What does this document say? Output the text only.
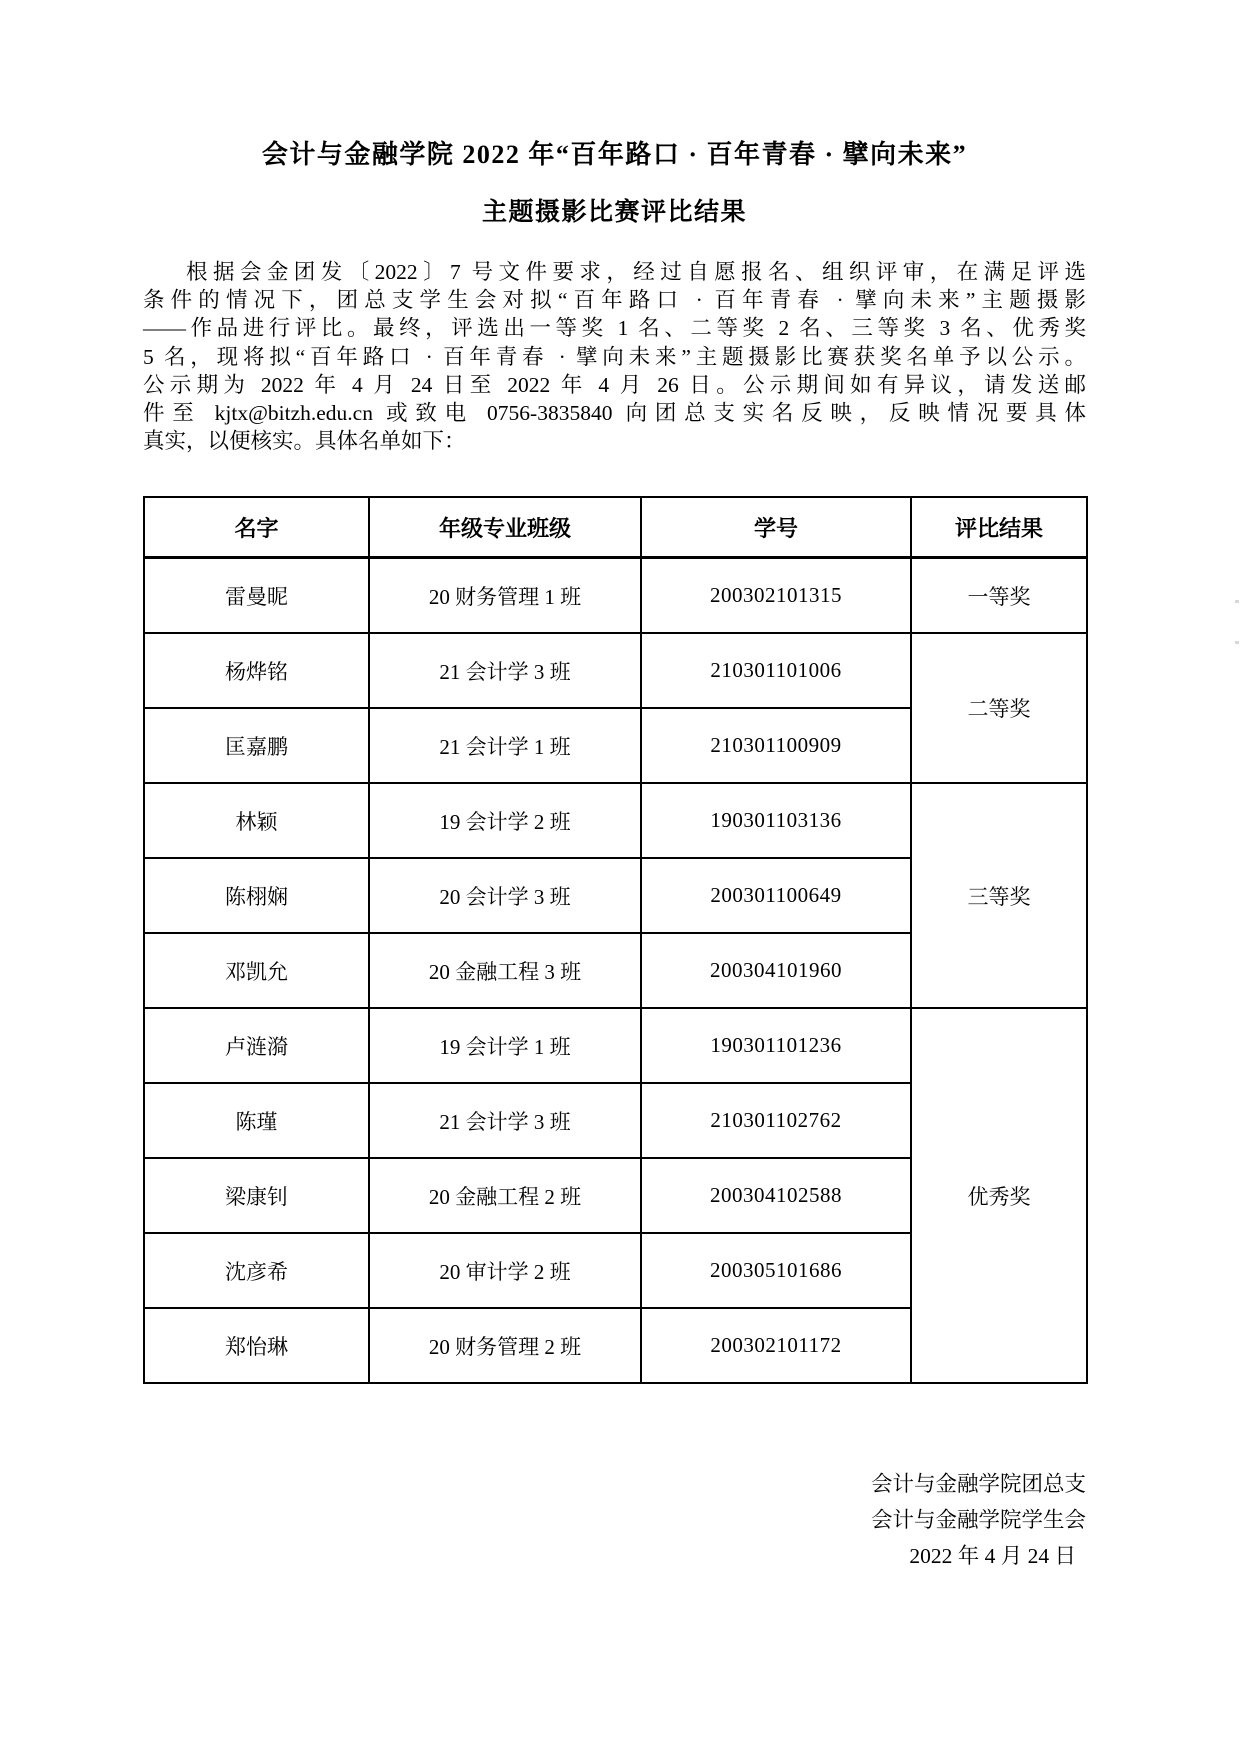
会计与金融学院 2022 年“百年路口 · 百年青春 · 擘向未来”
主题摄影比赛评比结果
根据会金团发〔2022〕7 号文件要求，经过自愿报名、组织评审，在满足评选
条件的情况下，团总支学生会对拟“百年路口 · 百年青春 · 擘向未来”主题摄影
——作品进行评比。最终，评选出一等奖 1 名、二等奖 2 名、三等奖 3 名、优秀奖
5 名，现将拟“百年路口 · 百年青春 · 擘向未来”主题摄影比赛获奖名单予以公示。
公示期为 2022 年 4 月 24 日至 2022 年 4 月 26 日。公示期间如有异议，请发送邮
件至 kjtx@bitzh.edu.cn 或致电 0756-3835840 向团总支实名反映，反映情况要具体
真实，以便核实。具体名单如下：
名字	年级专业班级	学号	评比结果
雷曼昵	20 财务管理 1 班	200302101315	一等奖
杨烨铭	21 会计学 3 班	210301101006	二等奖
匡嘉鹏	21 会计学 1 班	210301100909	
林颖	19 会计学 2 班	190301103136	三等奖
陈栩娴	20 会计学 3 班	200301100649	
邓凯允	20 金融工程 3 班	200304101960	
卢涟漪	19 会计学 1 班	190301101236	优秀奖
陈瑾	21 会计学 3 班	210301102762	
梁康钊	20 金融工程 2 班	200304102588	
沈彦希	20 审计学 2 班	200305101686	
郑怡琳	20 财务管理 2 班	200302101172	
会计与金融学院团总支
会计与金融学院学生会
2022 年 4 月 24 日
